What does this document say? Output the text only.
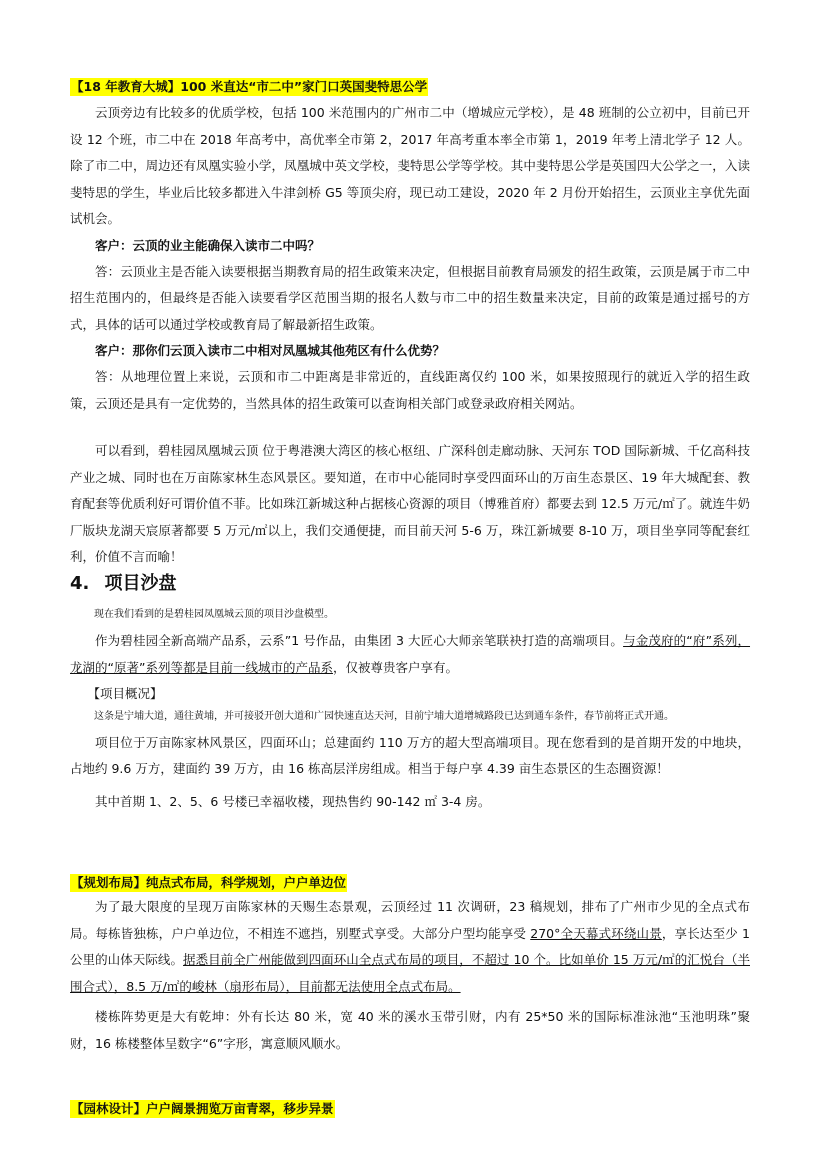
【18 年教育大城】100 米直达“市二中”家门口英国斐特思公学

云顶旁边有比较多的优质学校，包括 100 米范围内的广州市二中（增城应元学校），是 48 班制的公立初中，目前已开设 12 个班，市二中在 2018 年高考中，高优率全市第 2，2017 年高考重本率全市第 1，2019 年考上清北学子 12 人。除了市二中，周边还有凤凰实验小学，凤凰城中英文学校，斐特思公学等学校。其中斐特思公学是英国四大公学之一，入读斐特思的学生，毕业后比较多都进入牛津剑桥 G5 等顶尖府，现已动工建设，2020 年 2 月份开始招生，云顶业主享优先面试机会。

客户：云顶的业主能确保入读市二中吗？

答：云顶业主是否能入读要根据当期教育局的招生政策来决定，但根据目前教育局颁发的招生政策，云顶是属于市二中招生范围内的，但最终是否能入读要看学区范围当期的报名人数与市二中的招生数量来决定，目前的政策是通过摇号的方式，具体的话可以通过学校或教育局了解最新招生政策。

客户：那你们云顶入读市二中相对凤凰城其他苑区有什么优势？

答：从地理位置上来说，云顶和市二中距离是非常近的，直线距离仅约 100 米，如果按照现行的就近入学的招生政策，云顶还是具有一定优势的，当然具体的招生政策可以查询相关部门或登录政府相关网站。

可以看到，碧桂园凤凰城云顶 位于粤港澳大湾区的核心枢纽、广深科创走廊动脉、天河东 TOD 国际新城、千亿高科技产业之城、同时也在万亩陈家林生态风景区。要知道，在市中心能同时享受四面环山的万亩生态景区、19 年大城配套、教育配套等优质利好可谓价值不菲。比如珠江新城这种占据核心资源的项目（博雅首府）都要去到 12.5 万元/㎡了。就连牛奶厂版块龙湖天宸原著都要 5 万元/㎡以上，我们交通便捷，而目前天河 5-6 万，珠江新城要 8-10 万，项目坐享同等配套红利，价值不言而喻！

4. 项目沙盘

现在我们看到的是碧桂园凤凰城云顶的项目沙盘模型。

作为碧桂园全新高端产品系，云系”1 号作品，由集团 3 大匠心大师亲笔联袂打造的高端项目。与金茂府的“府”系列，龙湖的“原著”系列等都是目前一线城市的产品系，仅被尊贵客户享有。

【项目概况】

这条是宁埔大道，通往黄埔，并可接驳开创大道和广园快速直达天河，目前宁埔大道增城路段已达到通车条件，春节前将正式开通。

项目位于万亩陈家林风景区，四面环山；总建面约 110 万方的超大型高端项目。现在您看到的是首期开发的中地块，占地约 9.6 万方，建面约 39 万方，由 16 栋高层洋房组成。相当于每户享 4.39 亩生态景区的生态圈资源！

其中首期 1、2、5、6 号楼已幸福收楼，现热售约 90-142 ㎡ 3-4 房。

【规划布局】纯点式布局，科学规划，户户单边位

为了最大限度的呈现万亩陈家林的天赐生态景观，云顶经过 11 次调研，23 稿规划，排布了广州市少见的全点式布局。每栋皆独栋，户户单边位，不相连不遮挡，别墅式享受。大部分户型均能享受 270°全天幕式环绕山景，享长达至少 1 公里的山体天际线。据悉目前全广州能做到四面环山全点式布局的项目，不超过 10 个。比如单价 15 万元/㎡的汇悦台（半围合式），8.5 万/㎡的峻林（扇形布局），目前都无法使用全点式布局。

楼栋阵势更是大有乾坤：外有长达 80 米，宽 40 米的溪水玉带引财，内有 25*50 米的国际标准泳池“玉池明珠”聚财，16 栋楼整体呈数字“6”字形，寓意顺风顺水。

【园林设计】户户阔景拥览万亩青翠，移步异景
